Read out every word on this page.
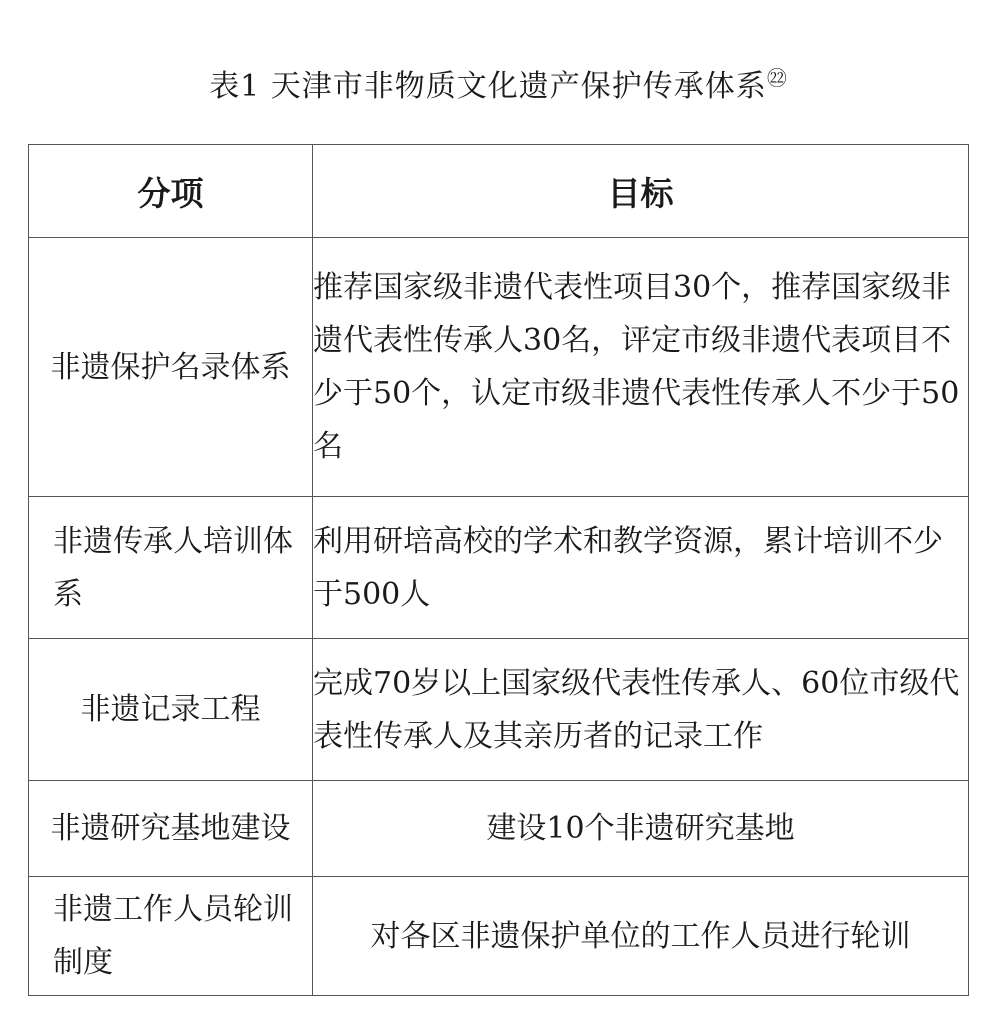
表1 天津市非物质文化遗产保护传承体系$^㉒$
分项	目标
非遗保护名录体系	推荐国家级非遗代表性项目30个，推荐国家级非遗代表性传承人30名，评定市级非遗代表项目不少于50个，认定市级非遗代表性传承人不少于50名
非遗传承人培训体系	利用研培高校的学术和教学资源，累计培训不少于500人
非遗记录工程	完成70岁以上国家级代表性传承人、60位市级代表性传承人及其亲历者的记录工作
非遗研究基地建设	建设10个非遗研究基地
非遗工作人员轮训制度	对各区非遗保护单位的工作人员进行轮训
